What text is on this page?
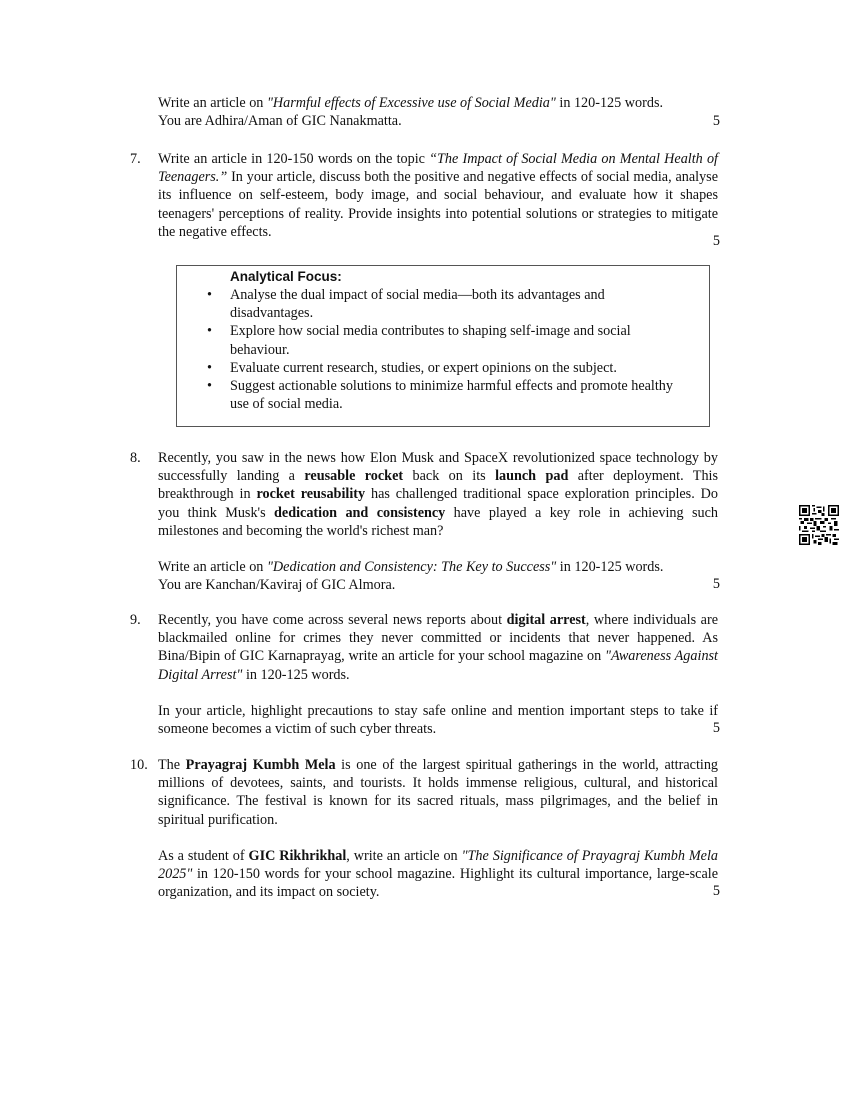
Write an article on "Harmful effects of Excessive use of Social Media" in 120-125 words.

You are Adhira/Aman of GIC Nanakmatta.	5
7. Write an article in 120-150 words on the topic “The Impact of Social Media on Mental Health of Teenagers.” In your article, discuss both the positive and negative effects of social media, analyse its influence on self-esteem, body image, and social behaviour, and evaluate how it shapes teenagers' perceptions of reality. Provide insights into potential solutions or strategies to mitigate the negative effects.

5
Analytical Focus:
• Analyse the dual impact of social media—both its advantages and disadvantages.
• Explore how social media contributes to shaping self-image and social behaviour.
• Evaluate current research, studies, or expert opinions on the subject.
• Suggest actionable solutions to minimize harmful effects and promote healthy use of social media.
8. Recently, you saw in the news how Elon Musk and SpaceX revolutionized space technology by successfully landing a reusable rocket back on its launch pad after deployment. This breakthrough in rocket reusability has challenged traditional space exploration principles. Do you think Musk's dedication and consistency have played a key role in achieving such milestones and becoming the world's richest man?

Write an article on "Dedication and Consistency: The Key to Success" in 120-125 words.

You are Kanchan/Kaviraj of GIC Almora.	5
9. Recently, you have come across several news reports about digital arrest, where individuals are blackmailed online for crimes they never committed or incidents that never happened. As Bina/Bipin of GIC Karnaprayag, write an article for your school magazine on "Awareness Against Digital Arrest" in 120-125 words.

In your article, highlight precautions to stay safe online and mention important steps to take if someone becomes a victim of such cyber threats.	5
10. The Prayagraj Kumbh Mela is one of the largest spiritual gatherings in the world, attracting millions of devotees, saints, and tourists. It holds immense religious, cultural, and historical significance. The festival is known for its sacred rituals, mass pilgrimages, and the belief in spiritual purification.

As a student of GIC Rikhrikhal, write an article on "The Significance of Prayagraj Kumbh Mela 2025" in 120-150 words for your school magazine. Highlight its cultural importance, large-scale organization, and its impact on society.	5
